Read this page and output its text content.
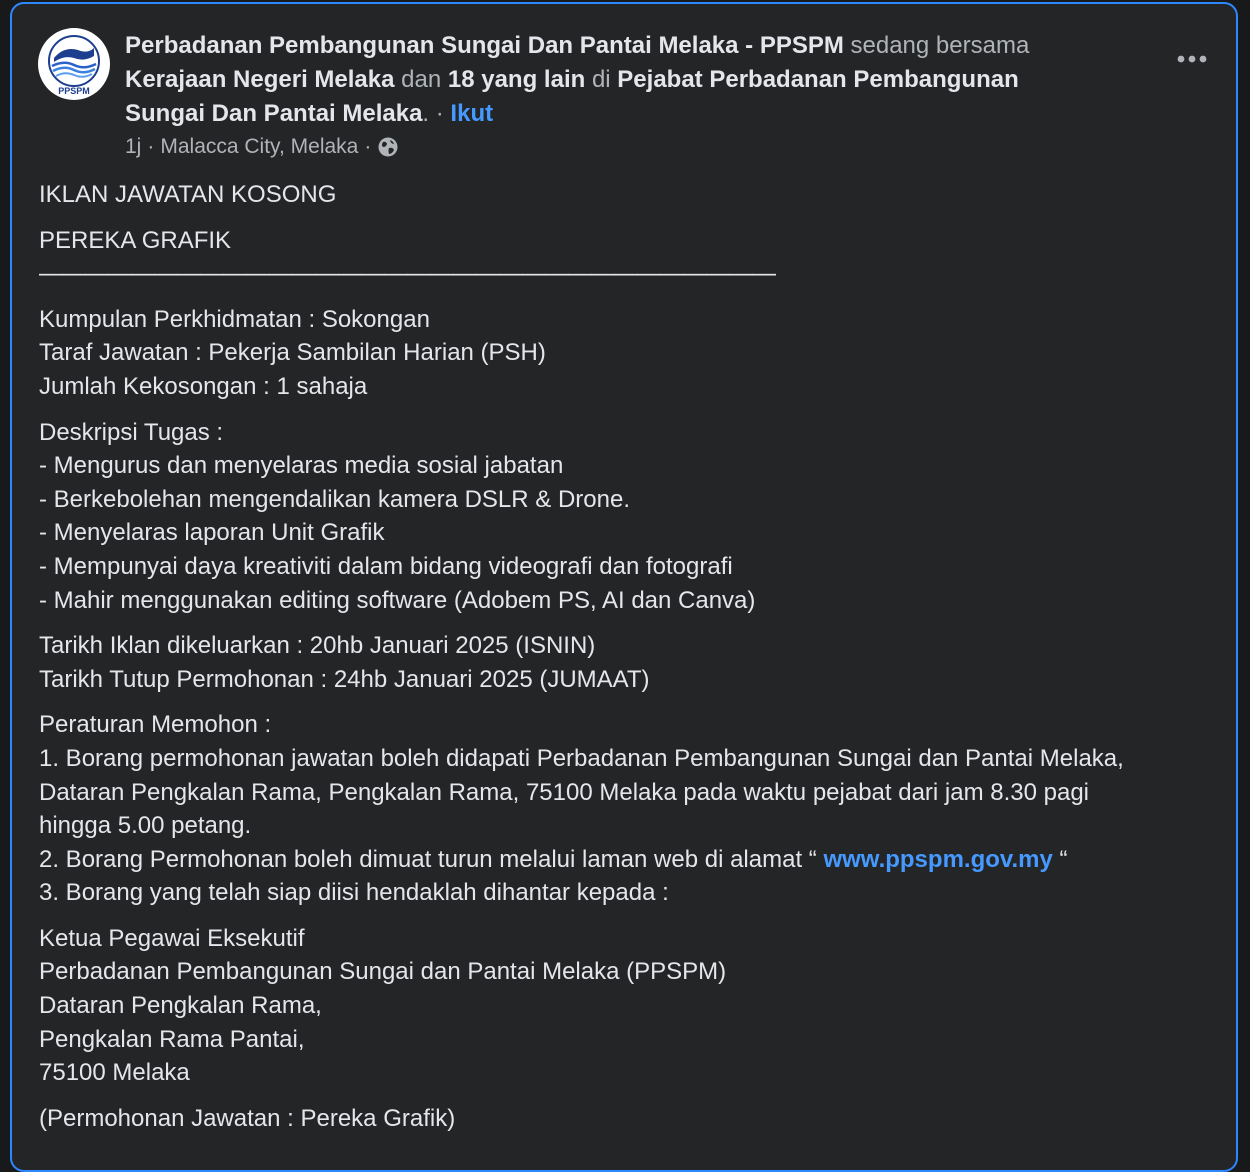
PPSPM
Perbadanan Pembangunan Sungai Dan Pantai Melaka - PPSPM sedang bersama
Kerajaan Negeri Melaka dan 18 yang lain di Pejabat Perbadanan Pembangunan Sungai Dan Pantai Melaka. · Ikut
1j · Malacca City, Melaka ·
IKLAN JAWATAN KOSONG
PEREKA GRAFIK
————————————————————————————————
Kumpulan Perkhidmatan : Sokongan
Taraf Jawatan : Pekerja Sambilan Harian (PSH)
Jumlah Kekosongan : 1 sahaja
Deskripsi Tugas :
- Mengurus dan menyelaras media sosial jabatan
- Berkebolehan mengendalikan kamera DSLR & Drone.
- Menyelaras laporan Unit Grafik
- Mempunyai daya kreativiti dalam bidang videografi dan fotografi
- Mahir menggunakan editing software (Adobem PS, AI dan Canva)
Tarikh Iklan dikeluarkan : 20hb Januari 2025 (ISNIN)
Tarikh Tutup Permohonan : 24hb Januari 2025 (JUMAAT)
Peraturan Memohon :
1. Borang permohonan jawatan boleh didapati Perbadanan Pembangunan Sungai dan Pantai Melaka,
Dataran Pengkalan Rama, Pengkalan Rama, 75100 Melaka pada waktu pejabat dari jam 8.30 pagi
hingga 5.00 petang.
2. Borang Permohonan boleh dimuat turun melalui laman web di alamat “ www.ppspm.gov.my “
3. Borang yang telah siap diisi hendaklah dihantar kepada :
Ketua Pegawai Eksekutif
Perbadanan Pembangunan Sungai dan Pantai Melaka (PPSPM)
Dataran Pengkalan Rama,
Pengkalan Rama Pantai,
75100 Melaka
(Permohonan Jawatan : Pereka Grafik)
